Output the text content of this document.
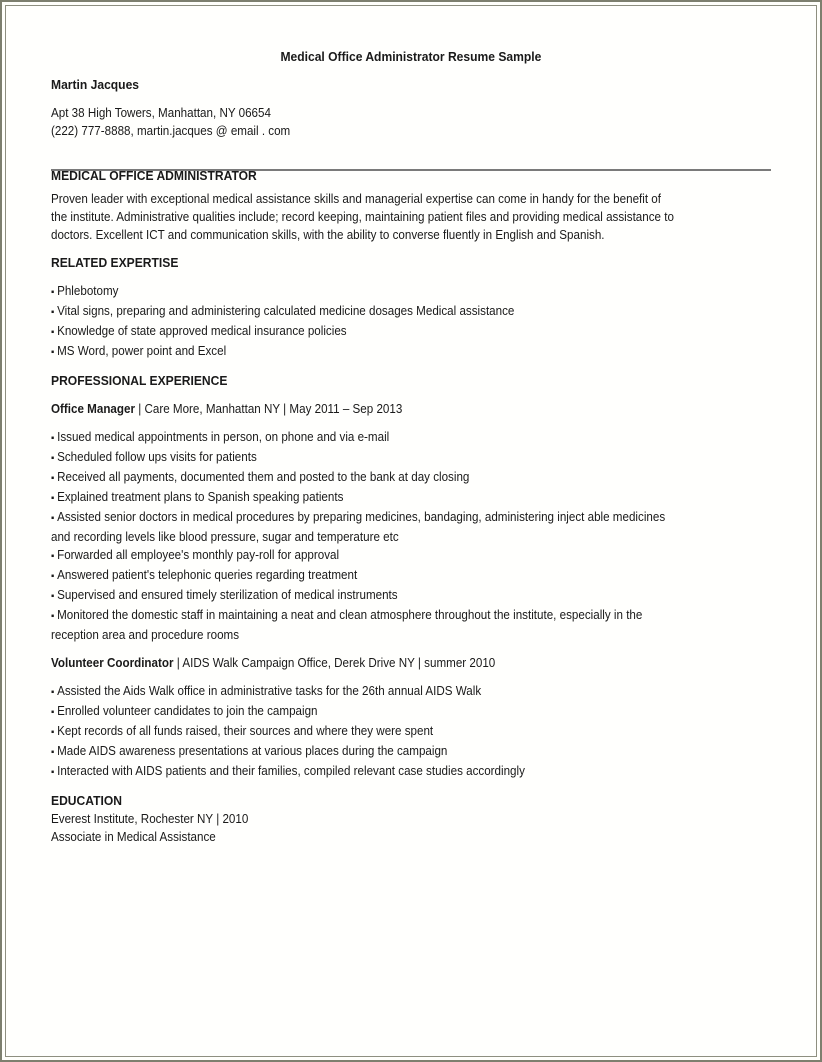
Medical Office Administrator Resume Sample

Martin Jacques

Apt 38 High Towers, Manhattan, NY 06654
(222) 777-8888, martin.jacques @ email . com

MEDICAL OFFICE ADMINISTRATOR

Proven leader with exceptional medical assistance skills and managerial expertise can come in handy for the benefit of
the institute. Administrative qualities include; record keeping, maintaining patient files and providing medical assistance to
doctors. Excellent ICT and communication skills, with the ability to converse fluently in English and Spanish.

RELATED EXPERTISE

▪ Phlebotomy
▪ Vital signs, preparing and administering calculated medicine dosages Medical assistance
▪ Knowledge of state approved medical insurance policies
▪ MS Word, power point and Excel

PROFESSIONAL EXPERIENCE

Office Manager | Care More, Manhattan NY | May 2011 – Sep 2013
▪ Issued medical appointments in person, on phone and via e-mail
▪ Scheduled follow ups visits for patients
▪ Received all payments, documented them and posted to the bank at day closing
▪ Explained treatment plans to Spanish speaking patients
▪ Assisted senior doctors in medical procedures by preparing medicines, bandaging, administering inject able medicines
and recording levels like blood pressure, sugar and temperature etc
▪ Forwarded all employee's monthly pay-roll for approval
▪ Answered patient's telephonic queries regarding treatment
▪ Supervised and ensured timely sterilization of medical instruments
▪ Monitored the domestic staff in maintaining a neat and clean atmosphere throughout the institute, especially in the
reception area and procedure rooms
Volunteer Coordinator | AIDS Walk Campaign Office, Derek Drive NY | summer 2010
▪ Assisted the Aids Walk office in administrative tasks for the 26th annual AIDS Walk
▪ Enrolled volunteer candidates to join the campaign
▪ Kept records of all funds raised, their sources and where they were spent
▪ Made AIDS awareness presentations at various places during the campaign
▪ Interacted with AIDS patients and their families, compiled relevant case studies accordingly

EDUCATION

Everest Institute, Rochester NY | 2010
Associate in Medical Assistance
